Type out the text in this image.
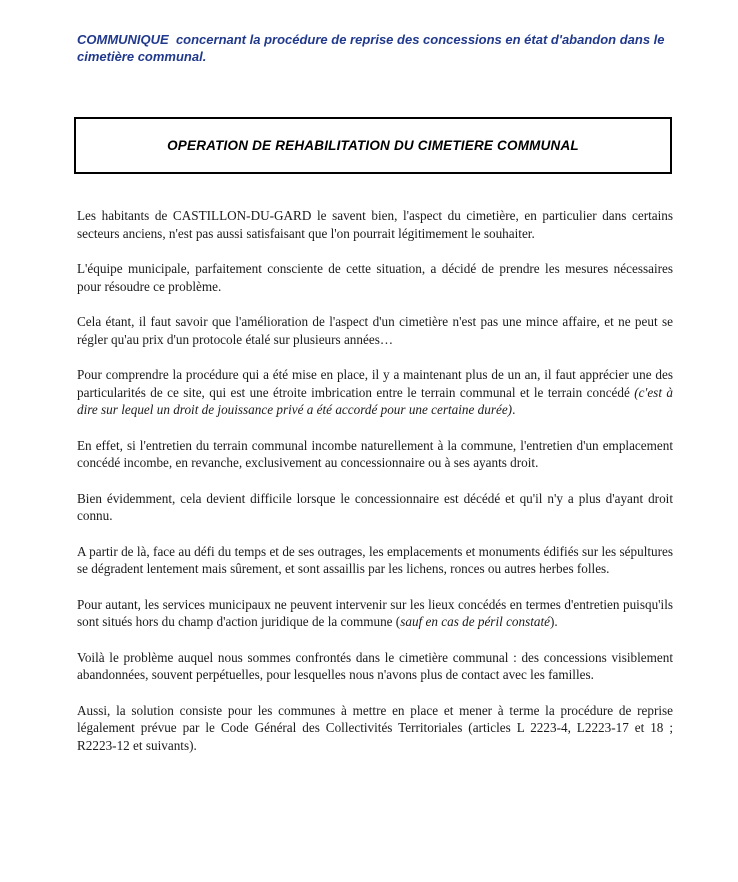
COMMUNIQUE  concernant la procédure de reprise des concessions en état d'abandon dans le cimetière communal.

OPERATION DE REHABILITATION DU CIMETIERE COMMUNAL

Les habitants de CASTILLON-DU-GARD le savent bien, l'aspect du cimetière, en particulier dans certains secteurs anciens, n'est pas aussi satisfaisant que l'on pourrait légitimement le souhaiter.

L'équipe municipale, parfaitement consciente de cette situation, a décidé de prendre les mesures nécessaires pour résoudre ce problème.

Cela étant, il faut savoir que l'amélioration de l'aspect d'un cimetière n'est pas une mince affaire, et ne peut se régler qu'au prix d'un protocole étalé sur plusieurs années…

Pour comprendre la procédure qui a été mise en place, il y a maintenant plus de un an, il faut apprécier une des particularités de ce site, qui est une étroite imbrication entre le terrain communal et le terrain concédé (c'est à dire sur lequel un droit de jouissance privé a été accordé pour une certaine durée).

En effet, si l'entretien du terrain communal incombe naturellement à la commune, l'entretien d'un emplacement concédé incombe, en revanche, exclusivement au concessionnaire ou à ses ayants droit.

Bien évidemment, cela devient difficile lorsque le concessionnaire est décédé et qu'il n'y a plus d'ayant droit connu.

A partir de là, face au défi du temps et de ses outrages, les emplacements et monuments édifiés sur les sépultures se dégradent lentement mais sûrement, et sont assaillis par les lichens, ronces ou autres herbes folles.

Pour autant, les services municipaux ne peuvent intervenir sur les lieux concédés en termes d'entretien puisqu'ils sont situés hors du champ d'action juridique de la commune (sauf en cas de péril constaté).

Voilà le problème auquel nous sommes confrontés dans le cimetière communal : des concessions visiblement abandonnées, souvent perpétuelles, pour lesquelles nous n'avons plus de contact avec les familles.

Aussi, la solution consiste pour les communes à mettre en place et mener à terme la procédure de reprise légalement prévue par le Code Général des Collectivités Territoriales (articles L 2223-4, L2223-17 et 18 ; R2223-12 et suivants).
